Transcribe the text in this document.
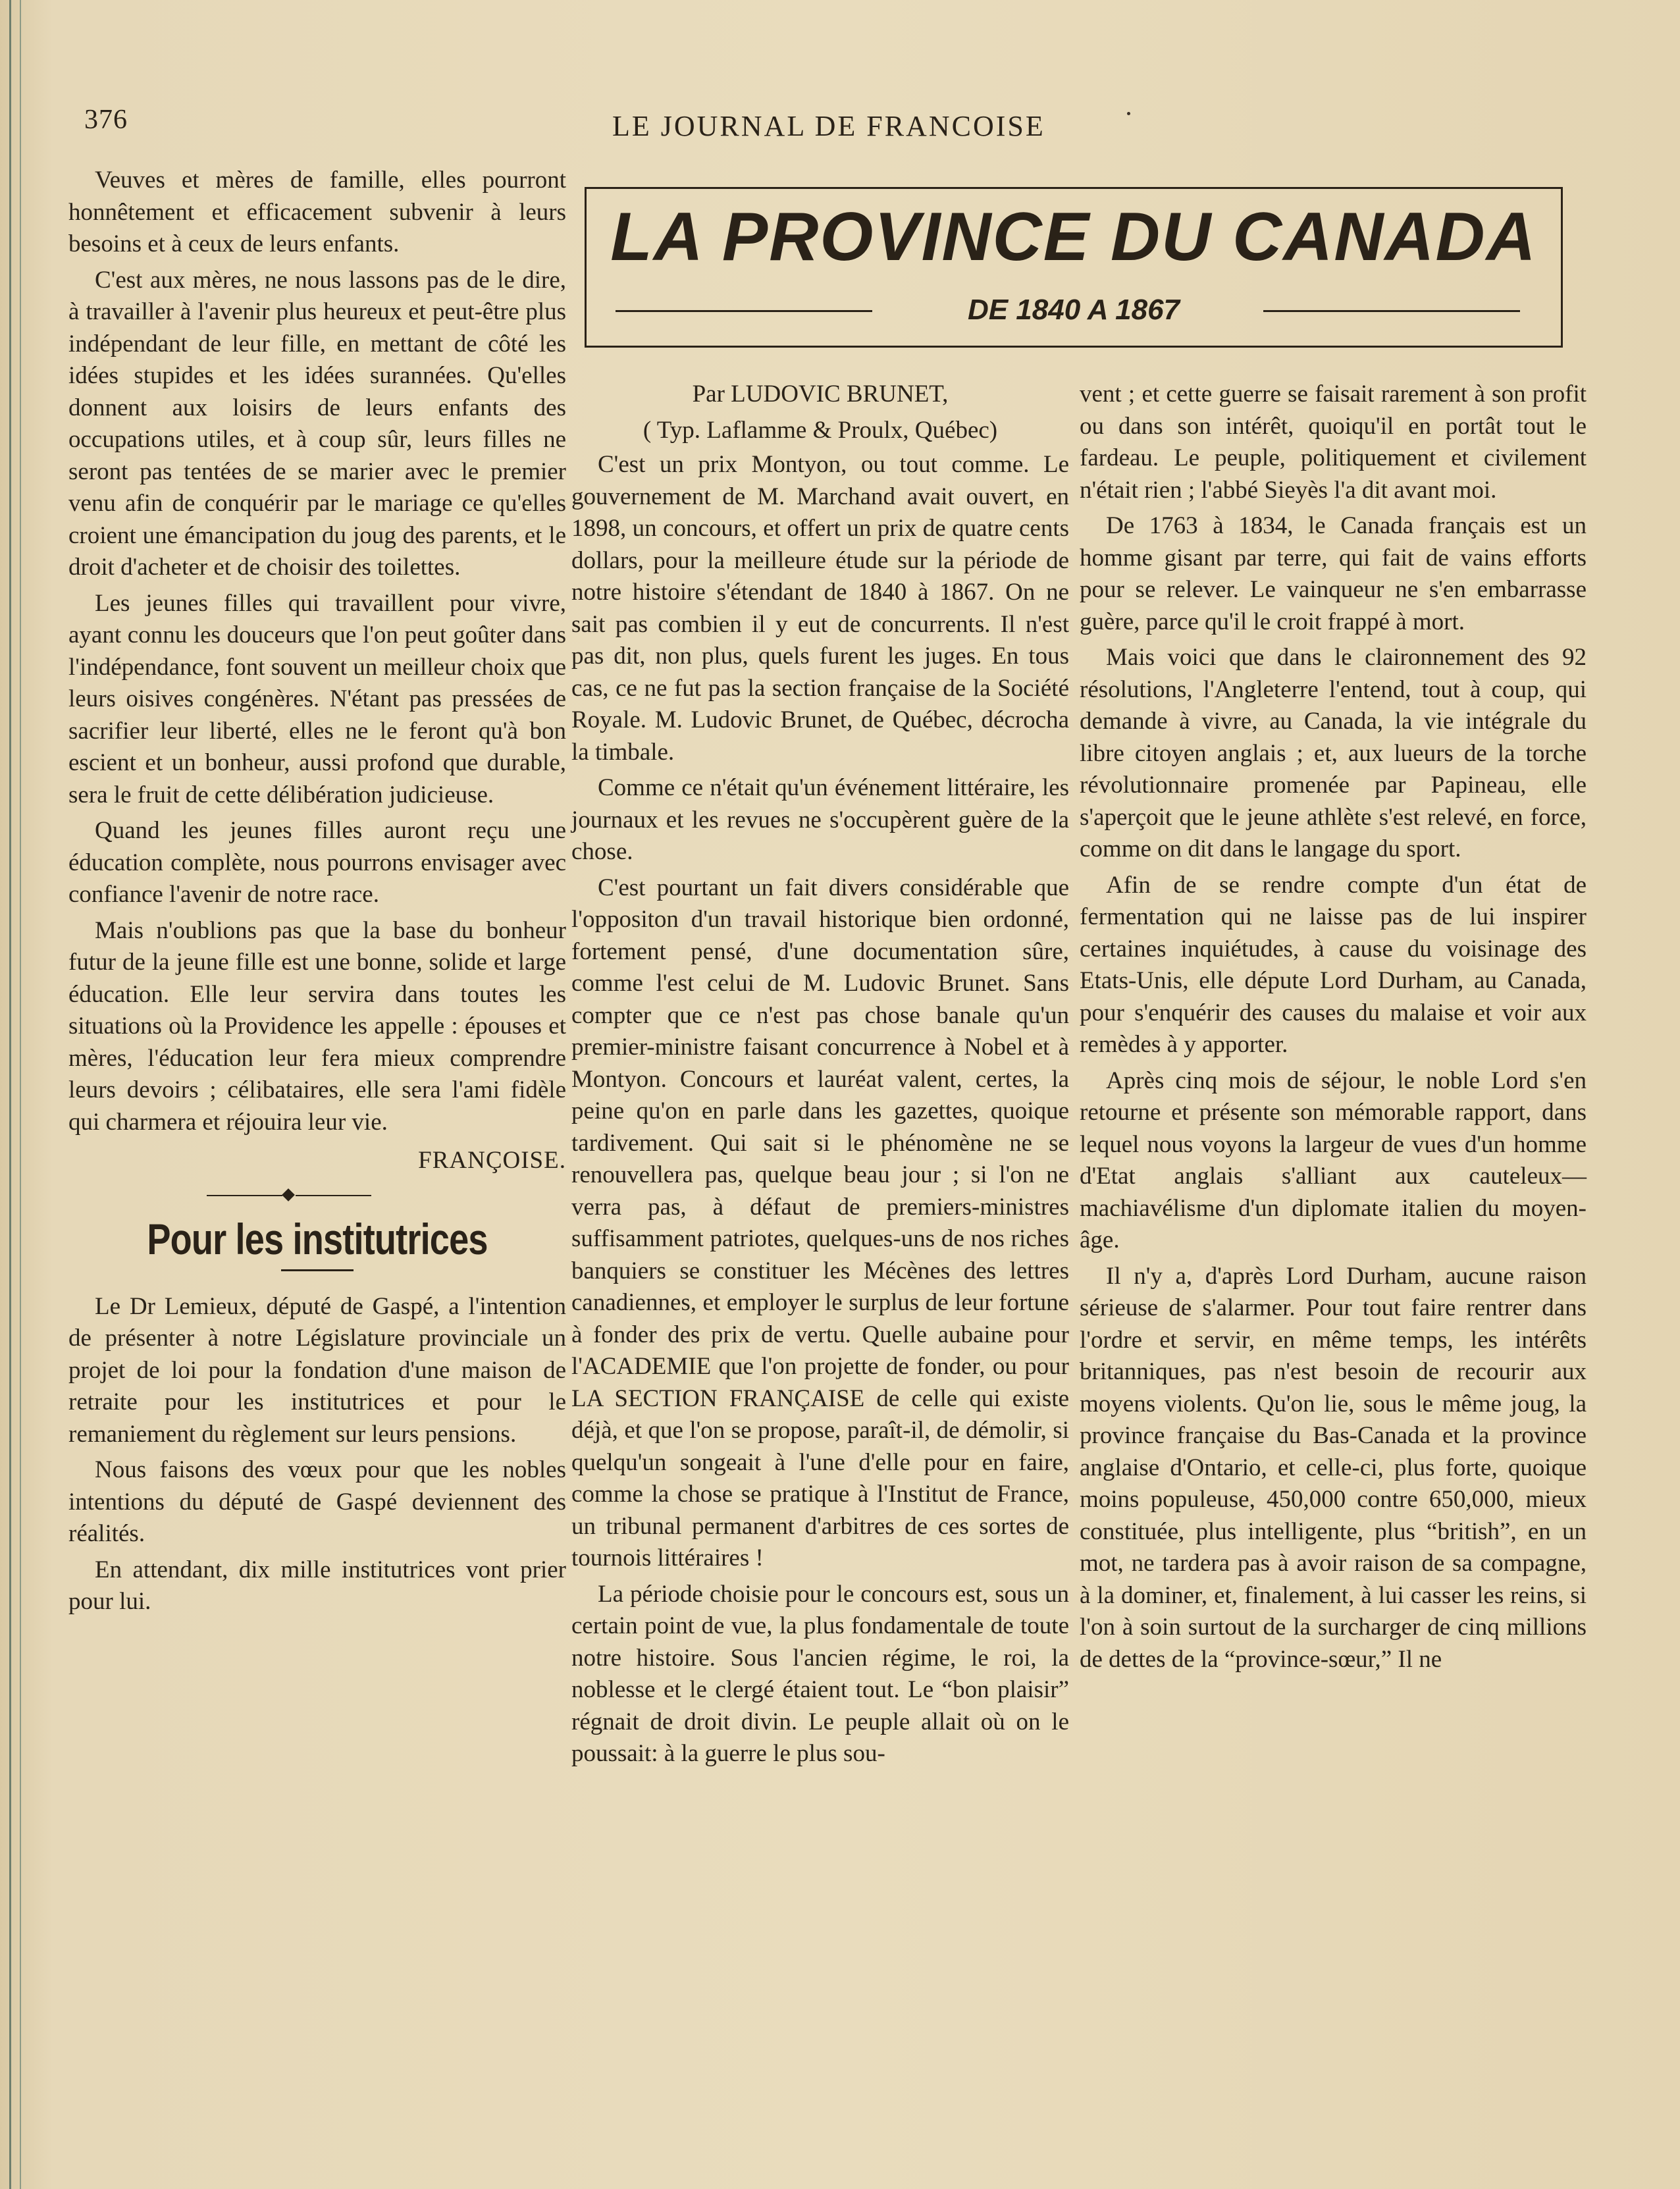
376	LE JOURNAL DE FRANCOISE

Veuves et mères de famille, elles pourront honnêtement et efficacement subvenir à leurs besoins et à ceux de leurs enfants.

C'est aux mères, ne nous lassons pas de le dire, à travailler à l'avenir plus heureux et peut-être plus indépendant de leur fille, en mettant de côté les idées stupides et les idées surannées. Qu'elles donnent aux loisirs de leurs enfants des occupations utiles, et à coup sûr, leurs filles ne seront pas tentées de se marier avec le premier venu afin de conquérir par le mariage ce qu'elles croient une émancipation du joug des parents, et le droit d'acheter et de choisir des toilettes.

Les jeunes filles qui travaillent pour vivre, ayant connu les douceurs que l'on peut goûter dans l'indépendance, font souvent un meilleur choix que leurs oisives congénères. N'étant pas pressées de sacrifier leur liberté, elles ne le feront qu'à bon escient et un bonheur, aussi profond que durable, sera le fruit de cette délibération judicieuse.

Quand les jeunes filles auront reçu une éducation complète, nous pourrons envisager avec confiance l'avenir de notre race.

Mais n'oublions pas que la base du bonheur futur de la jeune fille est une bonne, solide et large éducation. Elle leur servira dans toutes les situations où la Providence les appelle : épouses et mères, l'éducation leur fera mieux comprendre leurs devoirs ; célibataires, elle sera l'ami fidèle qui charmera et réjouira leur vie.

FRANÇOISE.

Pour les institutrices

Le Dr Lemieux, député de Gaspé, a l'intention de présenter à notre Législature provinciale un projet de loi pour la fondation d'une maison de retraite pour les institutrices et pour le remaniement du règlement sur leurs pensions.

Nous faisons des vœux pour que les nobles intentions du député de Gaspé deviennent des réalités.

En attendant, dix mille institutrices vont prier pour lui.

LA PROVINCE DU CANADA
DE 1840 A 1867

Par LUDOVIC BRUNET,

( Typ. Laflamme & Proulx, Québec)

C'est un prix Montyon, ou tout comme. Le gouvernement de M. Marchand avait ouvert, en 1898, un concours, et offert un prix de quatre cents dollars, pour la meilleure étude sur la période de notre histoire s'étendant de 1840 à 1867. On ne sait pas combien il y eut de concurrents. Il n'est pas dit, non plus, quels furent les juges. En tous cas, ce ne fut pas la section française de la Société Royale. M. Ludovic Brunet, de Québec, décrocha la timbale.

Comme ce n'était qu'un événement littéraire, les journaux et les revues ne s'occupèrent guère de la chose.

C'est pourtant un fait divers considérable que l'oppositon d'un travail historique bien ordonné, fortement pensé, d'une documentation sûre, comme l'est celui de M. Ludovic Brunet. Sans compter que ce n'est pas chose banale qu'un premier-ministre faisant concurrence à Nobel et à Montyon. Concours et lauréat valent, certes, la peine qu'on en parle dans les gazettes, quoique tardivement. Qui sait si le phénomène ne se renouvellera pas, quelque beau jour ; si l'on ne verra pas, à défaut de premiers-ministres suffisamment patriotes, quelques-uns de nos riches banquiers se constituer les Mécènes des lettres canadiennes, et employer le surplus de leur fortune à fonder des prix de vertu. Quelle aubaine pour l'ACADEMIE que l'on projette de fonder, ou pour LA SECTION FRANÇAISE de celle qui existe déjà, et que l'on se propose, paraît-il, de démolir, si quelqu'un songeait à l'une d'elle pour en faire, comme la chose se pratique à l'Institut de France, un tribunal permanent d'arbitres de ces sortes de tournois littéraires !

La période choisie pour le concours est, sous un certain point de vue, la plus fondamentale de toute notre histoire. Sous l'ancien régime, le roi, la noblesse et le clergé étaient tout. Le “bon plaisir” régnait de droit divin. Le peuple allait où on le poussait: à la guerre le plus sou-

vent ; et cette guerre se faisait rarement à son profit ou dans son intérêt, quoiqu'il en portât tout le fardeau. Le peuple, politiquement et civilement n'était rien ; l'abbé Sieyès l'a dit avant moi.

De 1763 à 1834, le Canada français est un homme gisant par terre, qui fait de vains efforts pour se relever. Le vainqueur ne s'en embarrasse guère, parce qu'il le croit frappé à mort.

Mais voici que dans le claironnement des 92 résolutions, l'Angleterre l'entend, tout à coup, qui demande à vivre, au Canada, la vie intégrale du libre citoyen anglais ; et, aux lueurs de la torche révolutionnaire promenée par Papineau, elle s'aperçoit que le jeune athlète s'est relevé, en force, comme on dit dans le langage du sport.

Afin de se rendre compte d'un état de fermentation qui ne laisse pas de lui inspirer certaines inquiétudes, à cause du voisinage des Etats-Unis, elle députe Lord Durham, au Canada, pour s'enquérir des causes du malaise et voir aux remèdes à y apporter.

Après cinq mois de séjour, le noble Lord s'en retourne et présente son mémorable rapport, dans lequel nous voyons la largeur de vues d'un homme d'Etat anglais s'alliant aux cauteleux—machiavélisme d'un diplomate italien du moyen-âge.

Il n'y a, d'après Lord Durham, aucune raison sérieuse de s'alarmer. Pour tout faire rentrer dans l'ordre et servir, en même temps, les intérêts britanniques, pas n'est besoin de recourir aux moyens violents. Qu'on lie, sous le même joug, la province française du Bas-Canada et la province anglaise d'Ontario, et celle-ci, plus forte, quoique moins populeuse, 450,000 contre 650,000, mieux constituée, plus intelligente, plus “british”, en un mot, ne tardera pas à avoir raison de sa compagne, à la dominer, et, finalement, à lui casser les reins, si l'on à soin surtout de la surcharger de cinq millions de dettes de la “province-sœur,” Il ne
